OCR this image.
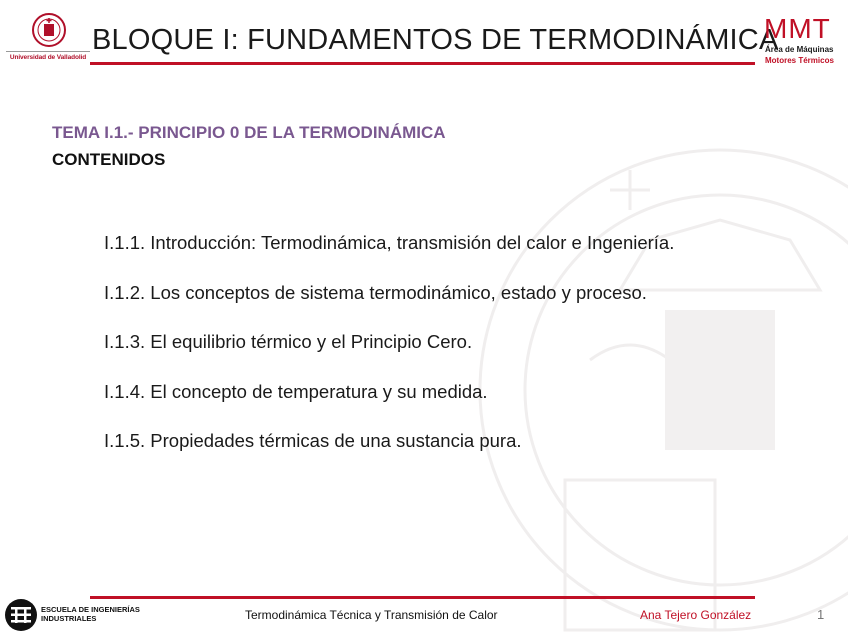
Universidad de Valladolid
BLOQUE I: FUNDAMENTOS DE TERMODINÁMICA
MMT
Área de Máquinas
Motores Térmicos
TEMA I.1.- PRINCIPIO 0 DE LA TERMODINÁMICA
CONTENIDOS
I.1.1. Introducción: Termodinámica, transmisión del calor e Ingeniería.
I.1.2. Los conceptos de sistema termodinámico, estado y proceso.
I.1.3. El equilibrio térmico y el Principio Cero.
I.1.4. El concepto de temperatura y su medida.
I.1.5. Propiedades térmicas de una sustancia pura.
ESCUELA DE INGENIERÍAS
INDUSTRIALES	Termodinámica Técnica y Transmisión de Calor	Ana Tejero González	1
